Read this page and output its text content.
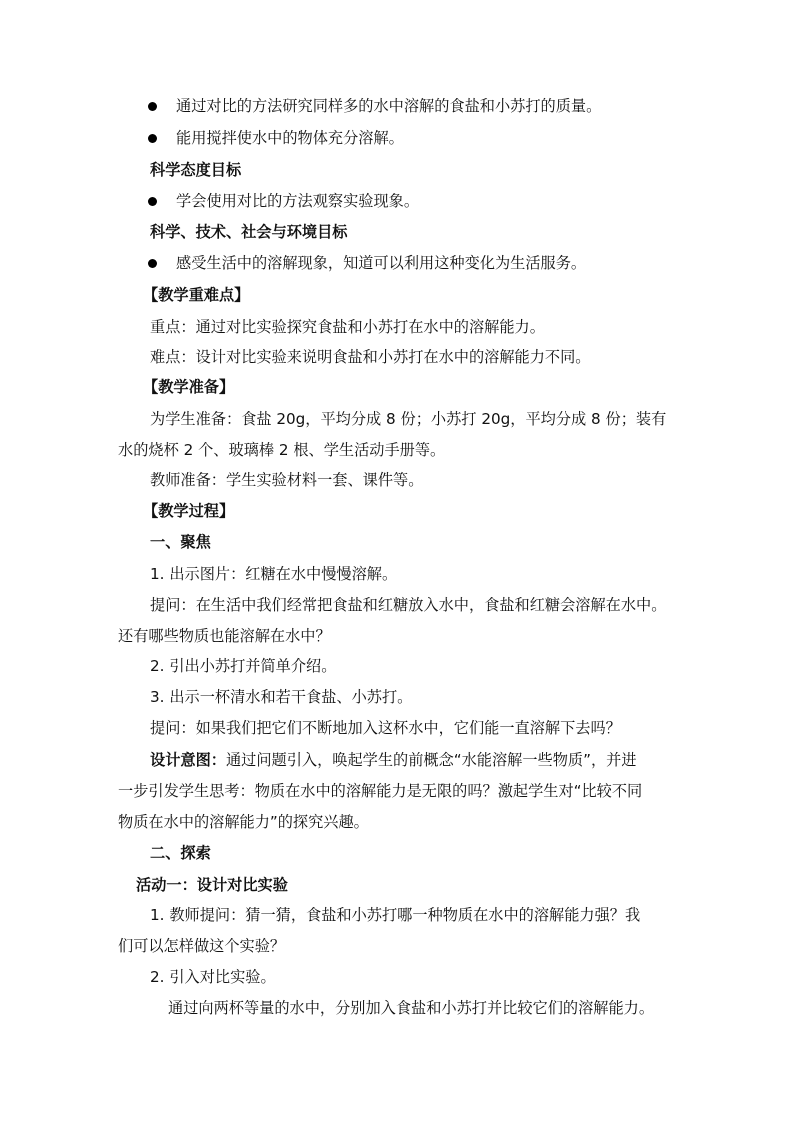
通过对比的方法研究同样多的水中溶解的食盐和小苏打的质量。
能用搅拌使水中的物体充分溶解。
科学态度目标
学会使用对比的方法观察实验现象。
科学、技术、社会与环境目标
感受生活中的溶解现象，知道可以利用这种变化为生活服务。
【教学重难点】
重点：通过对比实验探究食盐和小苏打在水中的溶解能力。
难点：设计对比实验来说明食盐和小苏打在水中的溶解能力不同。
【教学准备】
为学生准备：食盐 20g，平均分成 8 份；小苏打 20g，平均分成 8 份；装有
水的烧杯 2 个、玻璃棒 2 根、学生活动手册等。
教师准备：学生实验材料一套、课件等。
【教学过程】
一、聚焦
1. 出示图片：红糖在水中慢慢溶解。
提问：在生活中我们经常把食盐和红糖放入水中，食盐和红糖会溶解在水中。
还有哪些物质也能溶解在水中？
2. 引出小苏打并简单介绍。
3. 出示一杯清水和若干食盐、小苏打。
提问：如果我们把它们不断地加入这杯水中，它们能一直溶解下去吗？
设计意图：通过问题引入，唤起学生的前概念“水能溶解一些物质”，并进
一步引发学生思考：物质在水中的溶解能力是无限的吗？激起学生对“比较不同
物质在水中的溶解能力”的探究兴趣。
二、探索
活动一：设计对比实验
1. 教师提问：猜一猜，食盐和小苏打哪一种物质在水中的溶解能力强？我
们可以怎样做这个实验？
2. 引入对比实验。
通过向两杯等量的水中，分别加入食盐和小苏打并比较它们的溶解能力。
